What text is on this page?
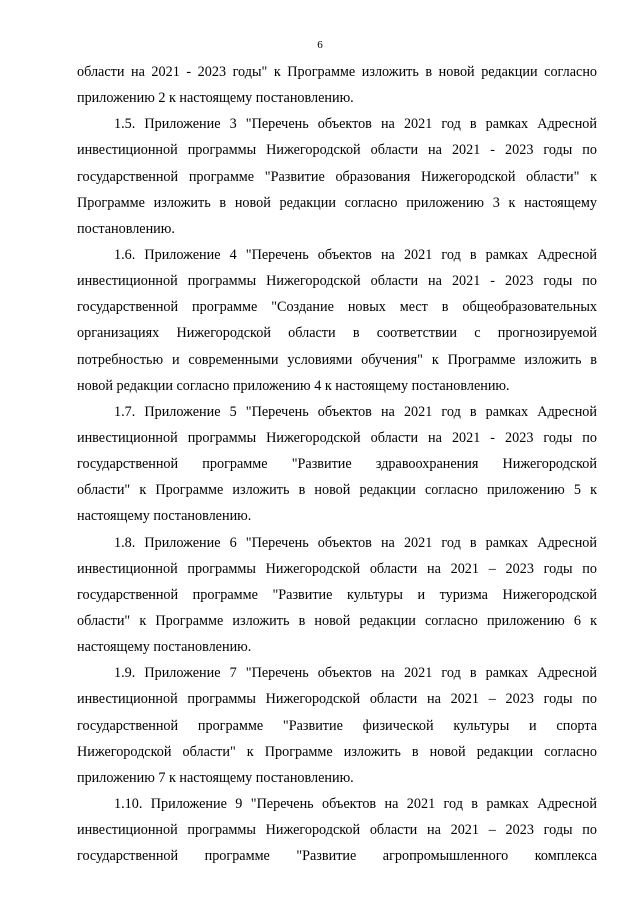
6
области на 2021 - 2023 годы" к Программе изложить в новой редакции согласно
приложению 2 к настоящему постановлению.
1.5. Приложение 3 "Перечень объектов на 2021 год в рамках Адресной
инвестиционной программы Нижегородской области на 2021 - 2023 годы по
государственной программе "Развитие образования Нижегородской области" к
Программе изложить в новой редакции согласно приложению 3 к настоящему
постановлению.
1.6. Приложение 4 "Перечень объектов на 2021 год в рамках Адресной
инвестиционной программы Нижегородской области на 2021 - 2023 годы по
государственной программе "Создание новых мест в общеобразовательных
организациях Нижегородской области в соответствии с прогнозируемой
потребностью и современными условиями обучения" к Программе изложить в
новой редакции согласно приложению 4 к настоящему постановлению.
1.7. Приложение 5 "Перечень объектов на 2021 год в рамках Адресной
инвестиционной программы Нижегородской области на 2021 - 2023 годы по
государственной программе "Развитие здравоохранения Нижегородской
области" к Программе изложить в новой редакции согласно приложению 5 к
настоящему постановлению.
1.8. Приложение 6 "Перечень объектов на 2021 год в рамках Адресной
инвестиционной программы Нижегородской области на 2021 – 2023 годы по
государственной программе "Развитие культуры и туризма Нижегородской
области" к Программе изложить в новой редакции согласно приложению 6 к
настоящему постановлению.
1.9. Приложение 7 "Перечень объектов на 2021 год в рамках Адресной
инвестиционной программы Нижегородской области на 2021 – 2023 годы по
государственной программе "Развитие физической культуры и спорта
Нижегородской области" к Программе изложить в новой редакции согласно
приложению 7 к настоящему постановлению.
1.10. Приложение 9 "Перечень объектов на 2021 год в рамках Адресной
инвестиционной программы Нижегородской области на 2021 – 2023 годы по
государственной программе "Развитие агропромышленного комплекса
